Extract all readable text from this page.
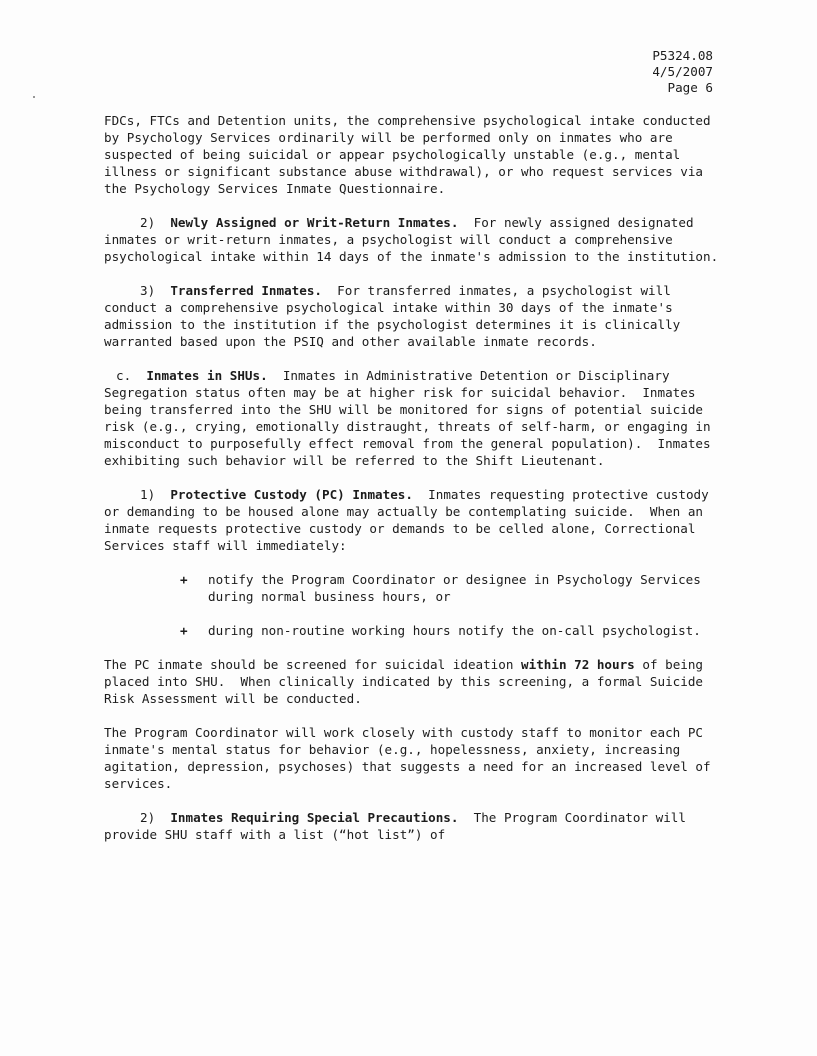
P5324.08
4/5/2007
Page 6

FDCs, FTCs and Detention units, the comprehensive psychological intake conducted by Psychology Services ordinarily will be performed only on inmates who are suspected of being suicidal or appear psychologically unstable (e.g., mental illness or significant substance abuse withdrawal), or who request services via the Psychology Services Inmate Questionnaire.

2) Newly Assigned or Writ-Return Inmates. For newly assigned designated inmates or writ-return inmates, a psychologist will conduct a comprehensive psychological intake within 14 days of the inmate's admission to the institution.

3) Transferred Inmates. For transferred inmates, a psychologist will conduct a comprehensive psychological intake within 30 days of the inmate's admission to the institution if the psychologist determines it is clinically warranted based upon the PSIQ and other available inmate records.

c. Inmates in SHUs. Inmates in Administrative Detention or Disciplinary Segregation status often may be at higher risk for suicidal behavior.  Inmates being transferred into the SHU will be monitored for signs of potential suicide risk (e.g., crying, emotionally distraught, threats of self-harm, or engaging in misconduct to purposefully effect removal from the general population).  Inmates exhibiting such behavior will be referred to the Shift Lieutenant.

1) Protective Custody (PC) Inmates. Inmates requesting protective custody or demanding to be housed alone may actually be contemplating suicide.  When an inmate requests protective custody or demands to be celled alone, Correctional Services staff will immediately:

+ notify the Program Coordinator or designee in Psychology Services during normal business hours, or
+ during non-routine working hours notify the on-call psychologist.

The PC inmate should be screened for suicidal ideation within 72 hours of being placed into SHU.  When clinically indicated by this screening, a formal Suicide Risk Assessment will be conducted.

The Program Coordinator will work closely with custody staff to monitor each PC inmate's mental status for behavior (e.g., hopelessness, anxiety, increasing agitation, depression, psychoses) that suggests a need for an increased level of services.

2) Inmates Requiring Special Precautions. The Program Coordinator will provide SHU staff with a list (“hot list”) of
